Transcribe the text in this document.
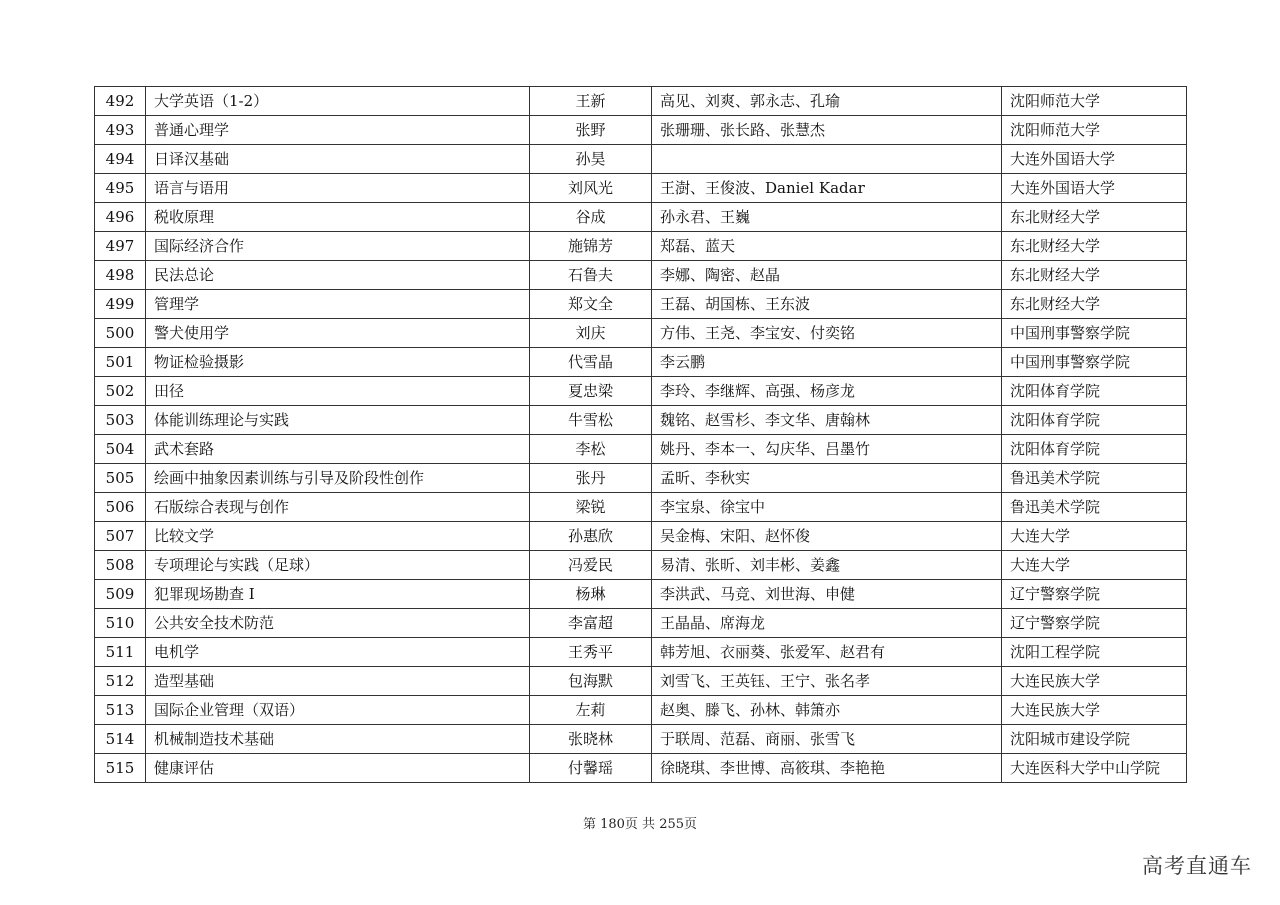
492	大学英语（1-2）	王新	高见、刘爽、郭永志、孔瑜	沈阳师范大学
493	普通心理学	张野	张珊珊、张长路、张慧杰	沈阳师范大学
494	日译汉基础	孙昊		大连外国语大学
495	语言与语用	刘风光	王澍、王俊波、Daniel Kadar	大连外国语大学
496	税收原理	谷成	孙永君、王巍	东北财经大学
497	国际经济合作	施锦芳	郑磊、蓝天	东北财经大学
498	民法总论	石鲁夫	李娜、陶密、赵晶	东北财经大学
499	管理学	郑文全	王磊、胡国栋、王东波	东北财经大学
500	警犬使用学	刘庆	方伟、王尧、李宝安、付奕铭	中国刑事警察学院
501	物证检验摄影	代雪晶	李云鹏	中国刑事警察学院
502	田径	夏忠梁	李玲、李继辉、高强、杨彦龙	沈阳体育学院
503	体能训练理论与实践	牛雪松	魏铭、赵雪杉、李文华、唐翰林	沈阳体育学院
504	武术套路	李松	姚丹、李本一、勾庆华、吕墨竹	沈阳体育学院
505	绘画中抽象因素训练与引导及阶段性创作	张丹	孟昕、李秋实	鲁迅美术学院
506	石版综合表现与创作	梁锐	李宝泉、徐宝中	鲁迅美术学院
507	比较文学	孙惠欣	吴金梅、宋阳、赵怀俊	大连大学
508	专项理论与实践（足球）	冯爱民	易清、张昕、刘丰彬、姜鑫	大连大学
509	犯罪现场勘查 I	杨琳	李洪武、马竞、刘世海、申健	辽宁警察学院
510	公共安全技术防范	李富超	王晶晶、席海龙	辽宁警察学院
511	电机学	王秀平	韩芳旭、衣丽葵、张爱军、赵君有	沈阳工程学院
512	造型基础	包海默	刘雪飞、王英钰、王宁、张名孝	大连民族大学
513	国际企业管理（双语）	左莉	赵奥、滕飞、孙林、韩箫亦	大连民族大学
514	机械制造技术基础	张晓林	于联周、范磊、商丽、张雪飞	沈阳城市建设学院
515	健康评估	付馨瑶	徐晓琪、李世博、高筱琪、李艳艳	大连医科大学中山学院
第 180页 共 255页
高考直通车
